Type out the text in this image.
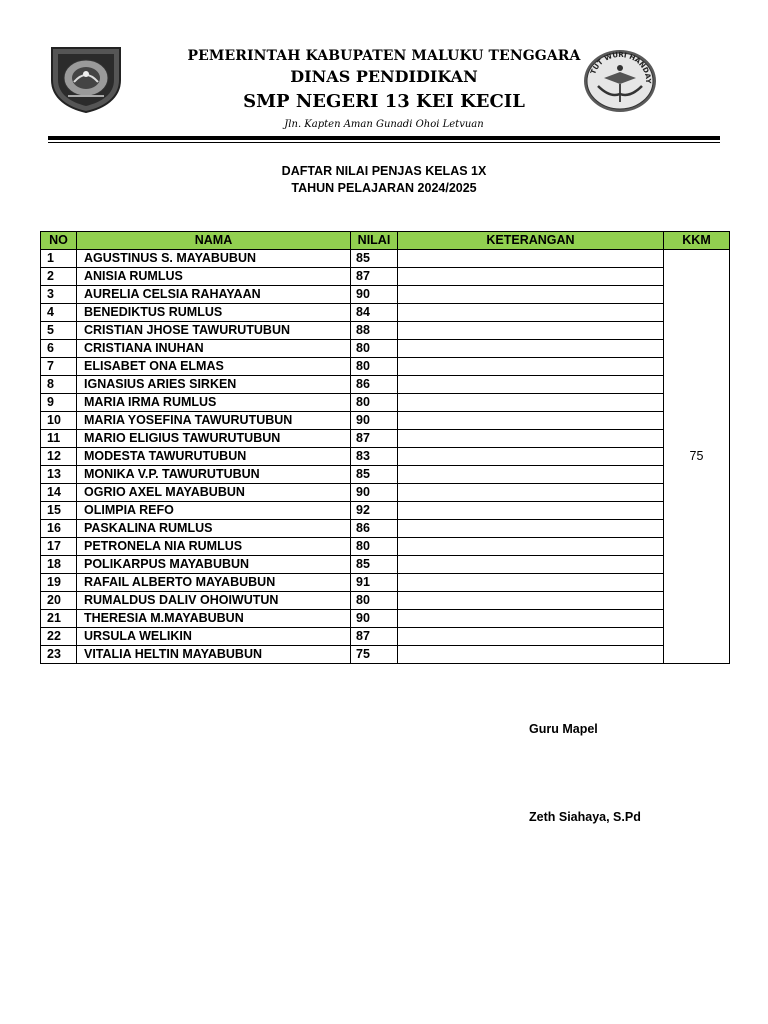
PEMERINTAH KABUPATEN MALUKU TENGGARA
DINAS PENDIDIKAN
SMP NEGERI 13 KEI KECIL
Jln. Kapten Aman Gunadi Ohoi Letvuan
TUT WURI HANDAY
DAFTAR NILAI PENJAS KELAS 1X
TAHUN PELAJARAN 2024/2025
NO	NAMA	NILAI	KETERANGAN	KKM
1	AGUSTINUS S. MAYABUBUN	85		75
2	ANISIA RUMLUS	87		
3	AURELIA CELSIA RAHAYAAN	90		
4	BENEDIKTUS RUMLUS	84		
5	CRISTIAN JHOSE TAWURUTUBUN	88		
6	CRISTIANA INUHAN	80		
7	ELISABET ONA ELMAS	80		
8	IGNASIUS ARIES SIRKEN	86		
9	MARIA IRMA RUMLUS	80		
10	MARIA YOSEFINA TAWURUTUBUN	90		
11	MARIO ELIGIUS TAWURUTUBUN	87		
12	MODESTA TAWURUTUBUN	83		
13	MONIKA V.P. TAWURUTUBUN	85		
14	OGRIO AXEL MAYABUBUN	90		
15	OLIMPIA REFO	92		
16	PASKALINA RUMLUS	86		
17	PETRONELA NIA RUMLUS	80		
18	POLIKARPUS MAYABUBUN	85		
19	RAFAIL ALBERTO MAYABUBUN	91		
20	RUMALDUS DALIV OHOIWUTUN	80		
21	THERESIA M.MAYABUBUN	90		
22	URSULA WELIKIN	87		
23	VITALIA HELTIN MAYABUBUN	75		
Guru Mapel
Zeth Siahaya, S.Pd
